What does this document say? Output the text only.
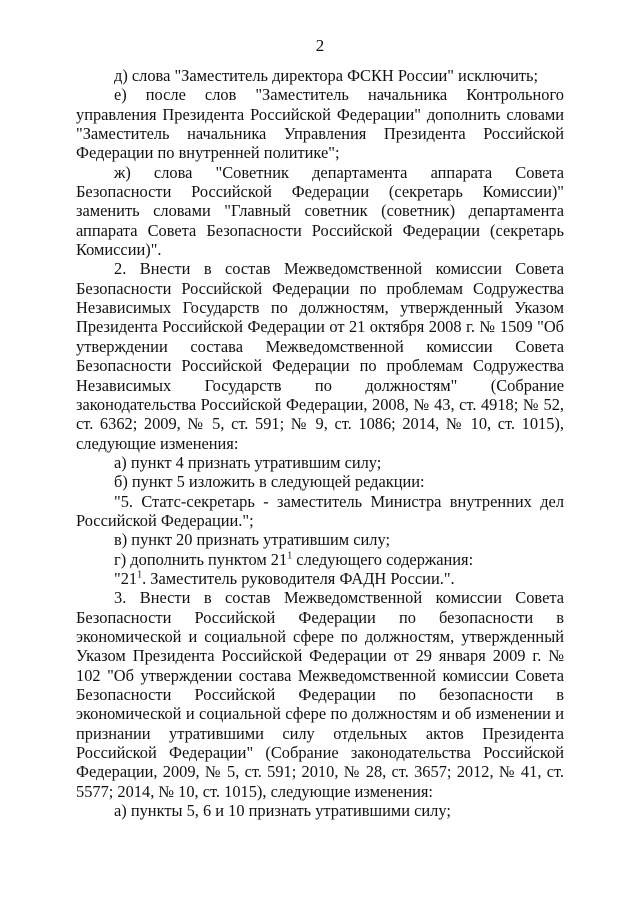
2

д) слова "Заместитель директора ФСКН России" исключить;

е) после слов "Заместитель начальника Контрольного управления Президента Российской Федерации" дополнить словами "Заместитель начальника Управления Президента Российской Федерации по внутренней политике";

ж) слова "Советник департамента аппарата Совета Безопасности Российской Федерации (секретарь Комиссии)" заменить словами "Главный советник (советник) департамента аппарата Совета Безопасности Российской Федерации (секретарь Комиссии)".

2. Внести в состав Межведомственной комиссии Совета Безопасности Российской Федерации по проблемам Содружества Независимых Государств по должностям, утвержденный Указом Президента Российской Федерации от 21 октября 2008 г. № 1509 "Об утверждении состава Межведомственной комиссии Совета Безопасности Российской Федерации по проблемам Содружества Независимых Государств по должностям" (Собрание законодательства Российской Федерации, 2008, № 43, ст. 4918; № 52, ст. 6362; 2009, № 5, ст. 591; № 9, ст. 1086; 2014, № 10, ст. 1015), следующие изменения:

а) пункт 4 признать утратившим силу;

б) пункт 5 изложить в следующей редакции:

"5. Статс-секретарь - заместитель Министра внутренних дел Российской Федерации.";

в) пункт 20 признать утратившим силу;

г) дополнить пунктом $21^1$ следующего содержания:

"$21^1$. Заместитель руководителя ФАДН России.".

3. Внести в состав Межведомственной комиссии Совета Безопасности Российской Федерации по безопасности в экономической и социальной сфере по должностям, утвержденный Указом Президента Российской Федерации от 29 января 2009 г. № 102 "Об утверждении состава Межведомственной комиссии Совета Безопасности Российской Федерации по безопасности в экономической и социальной сфере по должностям и об изменении и признании утратившими силу отдельных актов Президента Российской Федерации" (Собрание законодательства Российской Федерации, 2009, № 5, ст. 591; 2010, № 28, ст. 3657; 2012, № 41, ст. 5577; 2014, № 10, ст. 1015), следующие изменения:

а) пункты 5, 6 и 10 признать утратившими силу;
